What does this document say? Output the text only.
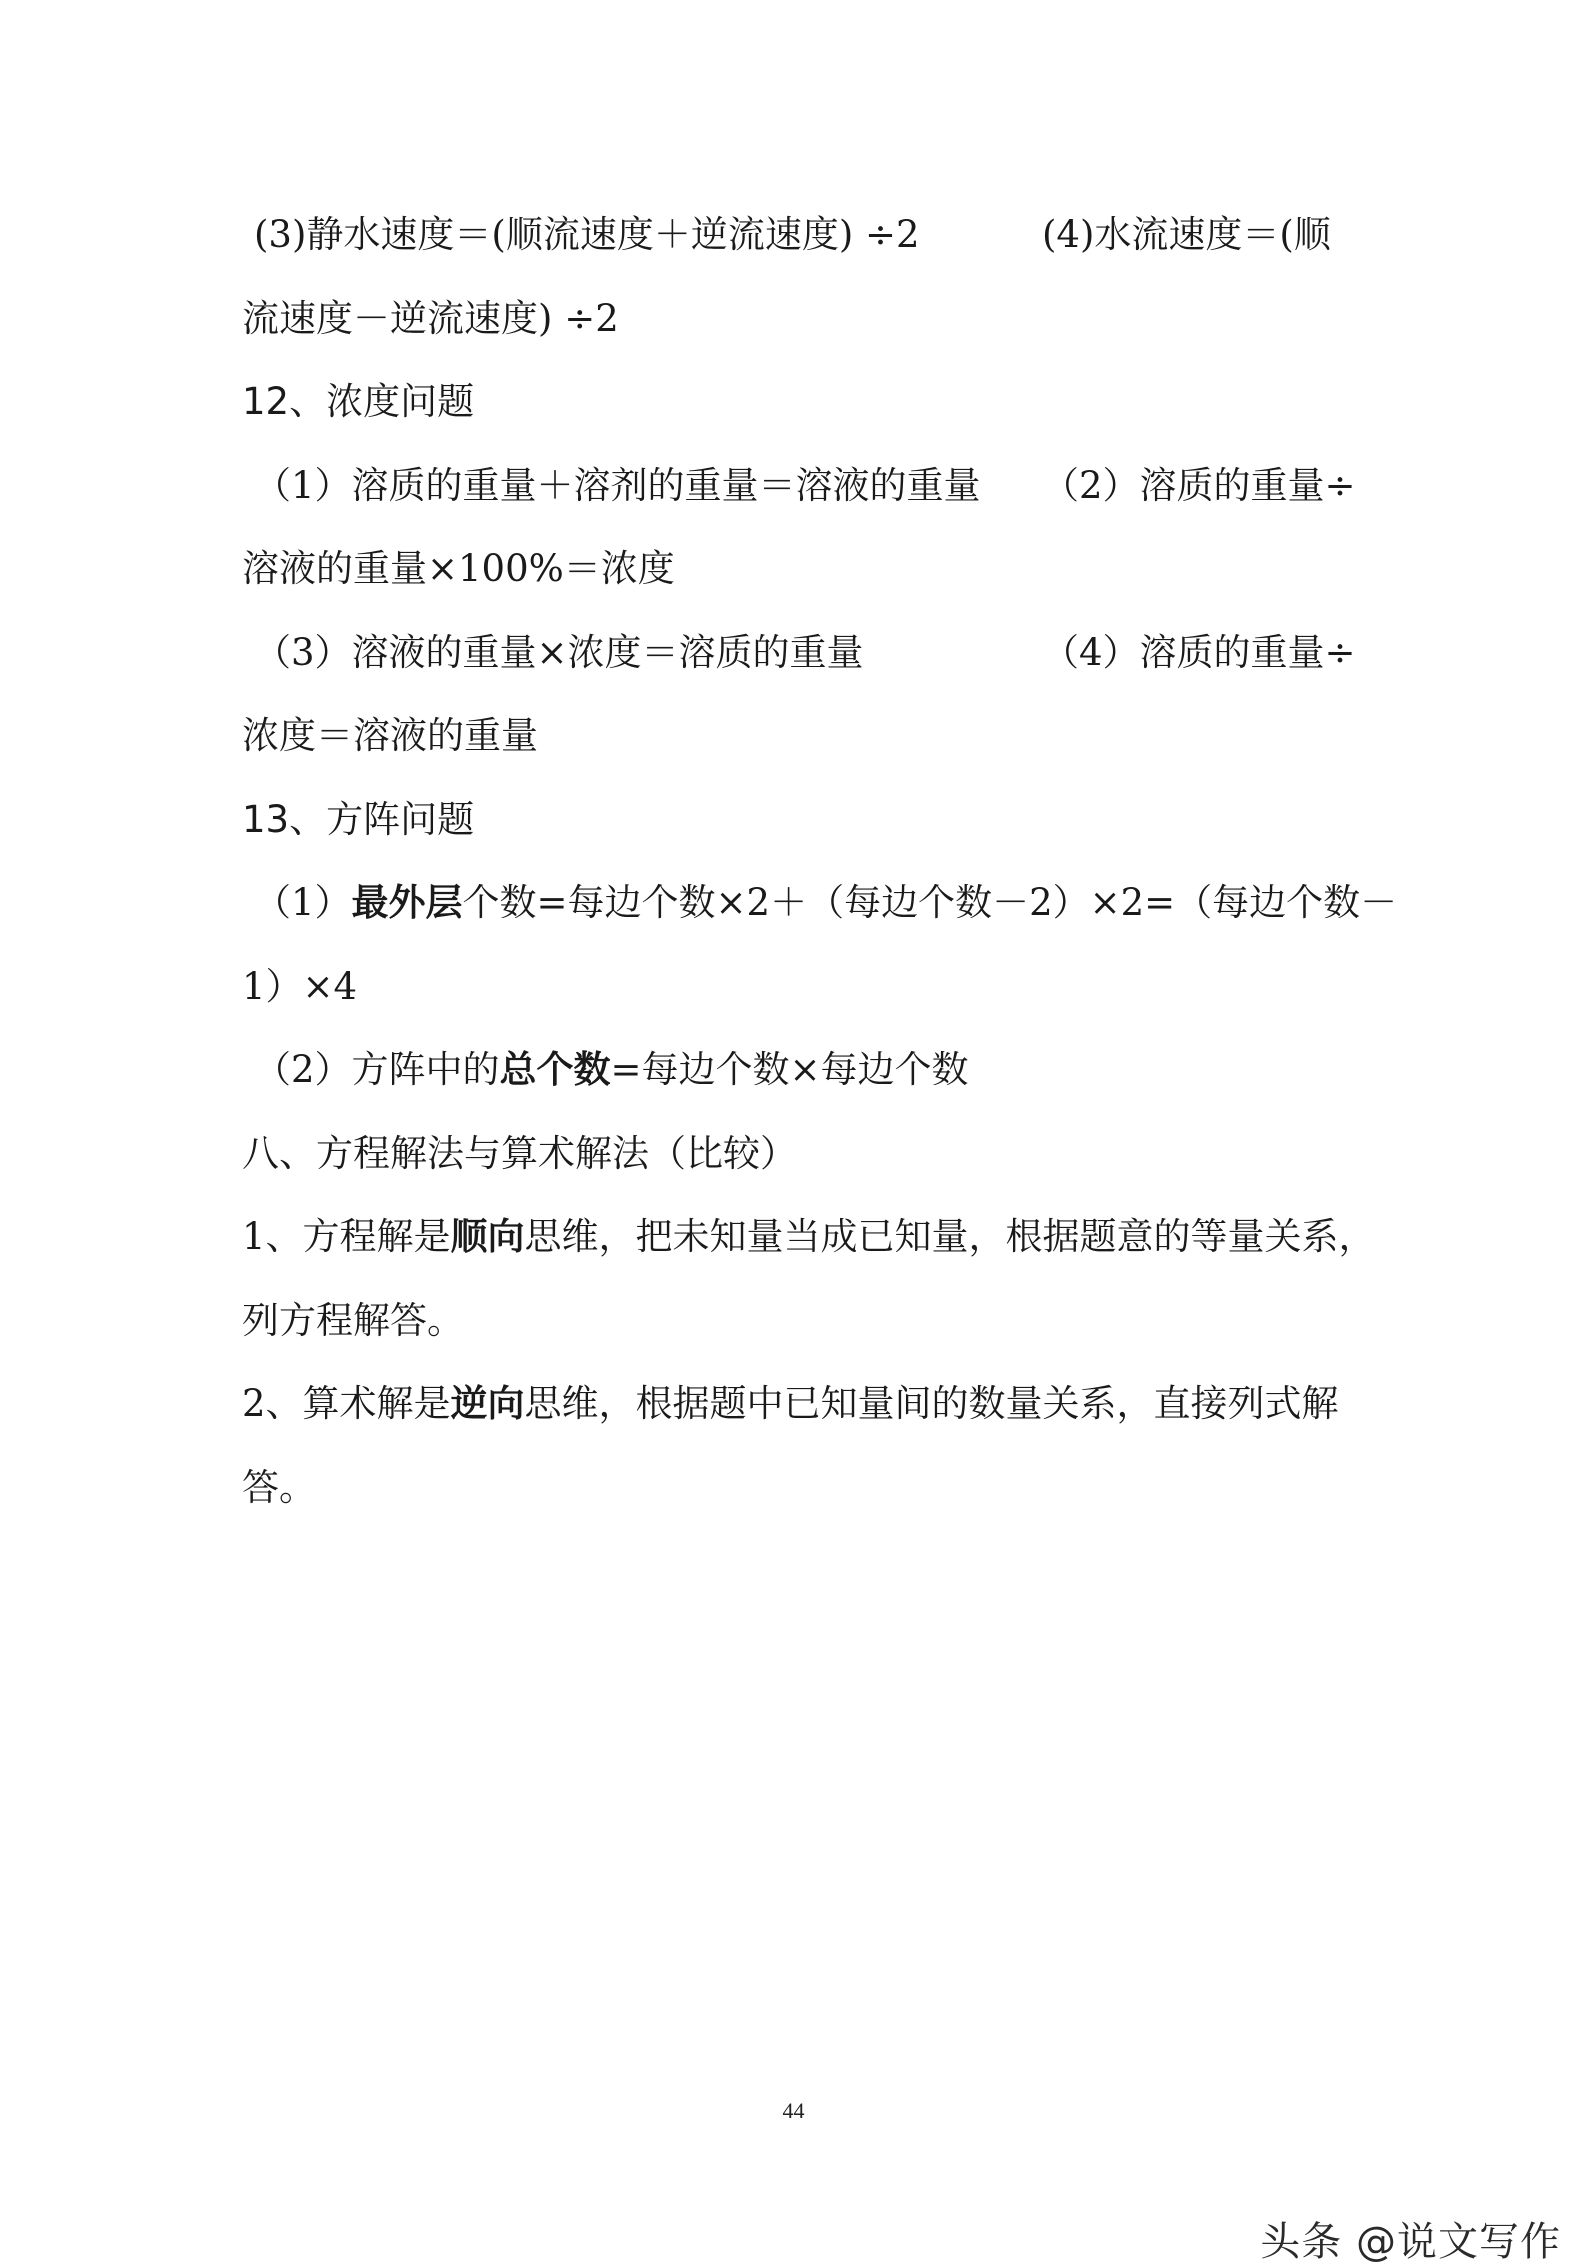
(3)静水速度＝(顺流速度＋逆流速度) ÷2	(4)水流速度＝(顺
流速度－逆流速度) ÷2
12、浓度问题
（1）溶质的重量＋溶剂的重量＝溶液的重量 （2）溶质的重量÷
溶液的重量×100%＝浓度
（3）溶液的重量×浓度＝溶质的重量	（4）溶质的重量÷
浓度＝溶液的重量
13、方阵问题
（1）最外层个数=每边个数×2＋（每边个数－2）×2=（每边个数－
1）×4
（2）方阵中的总个数=每边个数×每边个数
八、方程解法与算术解法（比较）
1、方程解是顺向思维，把未知量当成已知量，根据题意的等量关系，
列方程解答。
2、算术解是逆向思维，根据题中已知量间的数量关系，直接列式解
答。
44
头条 @说文写作
